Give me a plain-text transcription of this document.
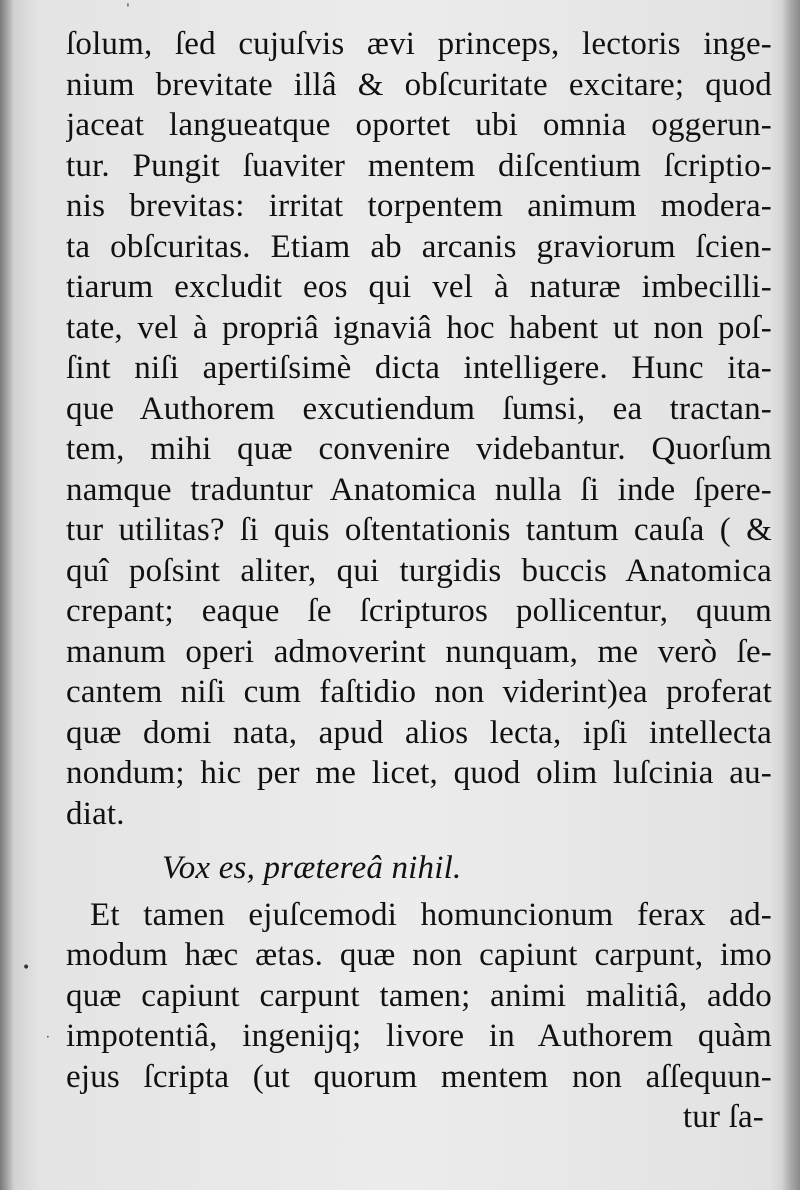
ˈ
•
·
ſolum, ſed cujuſvis ævi princeps, lectoris inge-
nium brevitate illâ & obſcuritate excitare; quod
jaceat langueatque oportet ubi omnia oggerun-
tur. Pungit ſuaviter mentem diſcentium ſcriptio-
nis brevitas: irritat torpentem animum modera-
ta obſcuritas. Etiam ab arcanis graviorum ſcien-
tiarum excludit eos qui vel à naturæ imbecilli-
tate, vel à propriâ ignaviâ hoc habent ut non poſ-
ſint niſi apertiſsimè dicta intelligere. Hunc ita-
que Authorem excutiendum ſumsi, ea tractan-
tem, mihi quæ convenire videbantur. Quorſum
namque traduntur Anatomica nulla ſi inde ſpere-
tur utilitas? ſi quis oſtentationis tantum cauſa ( &
quî poſsint aliter, qui turgidis buccis Anatomica
crepant; eaque ſe ſcripturos pollicentur, quum
manum operi admoverint nunquam, me verò ſe-
cantem niſi cum faſtidio non viderint)ea proferat
quæ domi nata, apud alios lecta, ipſi intellecta
nondum; hic per me licet, quod olim luſcinia au-
diat.
Vox es, prætereâ nihil.
Et tamen ejuſcemodi homuncionum ferax ad-
modum hæc ætas. quæ non capiunt carpunt, imo
quæ capiunt carpunt tamen; animi malitiâ, addo
impotentiâ, ingenijq; livore in Authorem quàm
ejus ſcripta (ut quorum mentem non aſſequun-
tur ſa-
